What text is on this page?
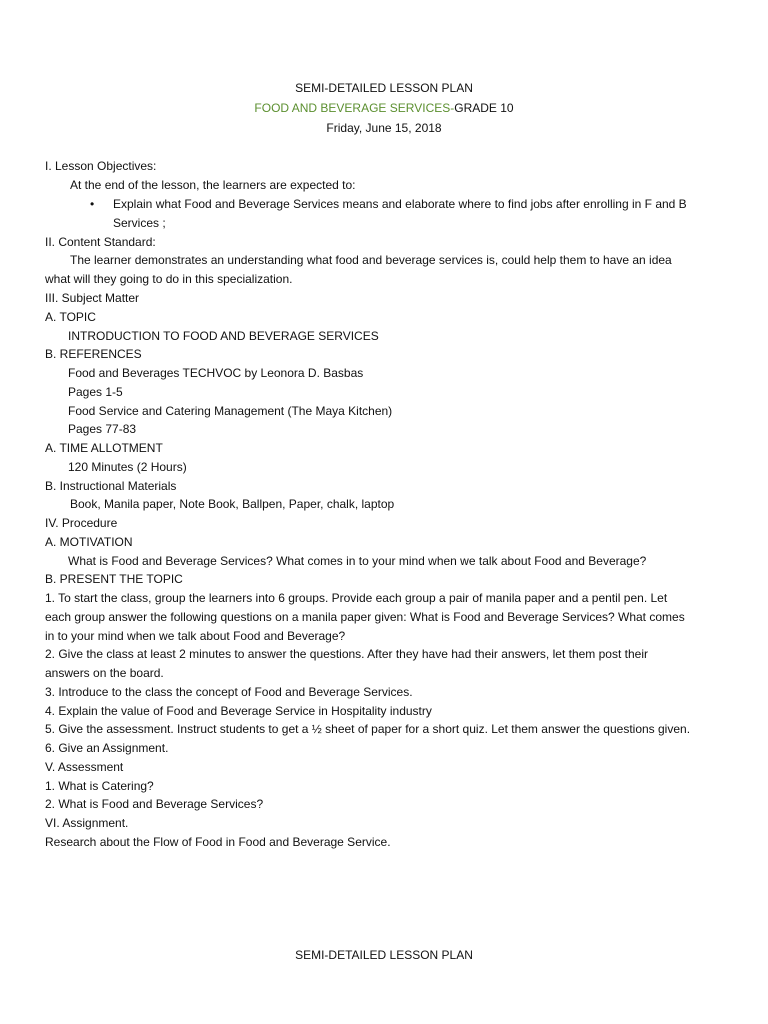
SEMI-DETAILED LESSON PLAN
FOOD AND BEVERAGE SERVICES-GRADE 10
Friday, June 15, 2018
I. Lesson Objectives:
At the end of the lesson, the learners are expected to:
• Explain what Food and Beverage Services means and elaborate where to find jobs after enrolling in F and B
Services ;
II. Content Standard:
The learner demonstrates an understanding what food and beverage services is, could help them to have an idea
what will they going to do in this specialization.
III. Subject Matter
A. TOPIC
INTRODUCTION TO FOOD AND BEVERAGE SERVICES
B. REFERENCES
Food and Beverages TECHVOC by Leonora D. Basbas
Pages 1-5
Food Service and Catering Management (The Maya Kitchen)
Pages 77-83
A. TIME ALLOTMENT
120 Minutes (2 Hours)
B. Instructional Materials
Book, Manila paper, Note Book, Ballpen, Paper, chalk, laptop
IV. Procedure
A. MOTIVATION
What is Food and Beverage Services? What comes in to your mind when we talk about Food and Beverage?
B. PRESENT THE TOPIC
1. To start the class, group the learners into 6 groups. Provide each group a pair of manila paper and a pentil pen. Let
each group answer the following questions on a manila paper given: What is Food and Beverage Services? What comes
in to your mind when we talk about Food and Beverage?
2. Give the class at least 2 minutes to answer the questions. After they have had their answers, let them post their
answers on the board.
3. Introduce to the class the concept of Food and Beverage Services.
4. Explain the value of Food and Beverage Service in Hospitality industry
5. Give the assessment. Instruct students to get a ½ sheet of paper for a short quiz. Let them answer the questions given.
6. Give an Assignment.
V. Assessment
1. What is Catering?
2. What is Food and Beverage Services?
VI. Assignment.
Research about the Flow of Food in Food and Beverage Service.
SEMI-DETAILED LESSON PLAN
